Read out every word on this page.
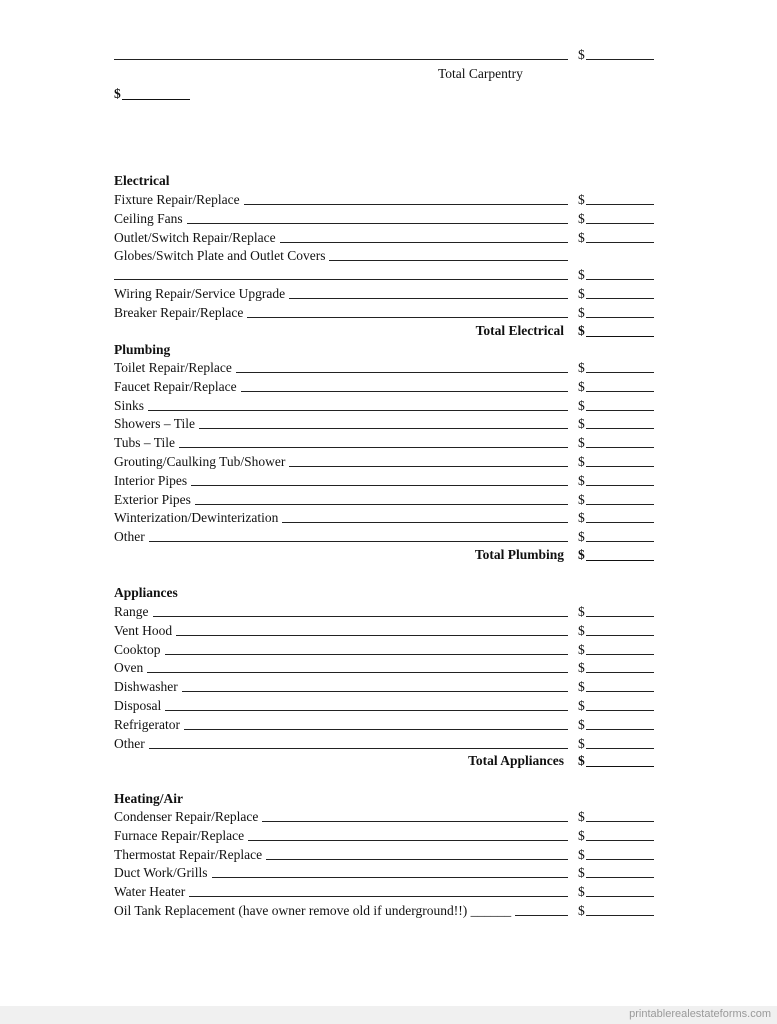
$
Total Carpentry
$
Electrical
Fixture Repair/Replace	$
Ceiling Fans	$
Outlet/Switch Repair/Replace	$
Globes/Switch Plate and Outlet Covers
$
Wiring Repair/Service Upgrade	$
Breaker Repair/Replace	$
Total Electrical $
Plumbing
Toilet Repair/Replace	$
Faucet Repair/Replace	$
Sinks	$
Showers – Tile	$
Tubs – Tile	$
Grouting/Caulking Tub/Shower	$
Interior Pipes	$
Exterior Pipes	$
Winterization/Dewinterization	$
Other	$
Total Plumbing $
Appliances
Range	$
Vent Hood	$
Cooktop	$
Oven	$
Dishwasher	$
Disposal	$
Refrigerator	$
Other	$
Total Appliances $
Heating/Air
Condenser Repair/Replace	$
Furnace Repair/Replace	$
Thermostat Repair/Replace	$
Duct Work/Grills	$
Water Heater	$
Oil Tank Replacement (have owner remove old if underground!!) ______	$
printablerealestateforms.com
